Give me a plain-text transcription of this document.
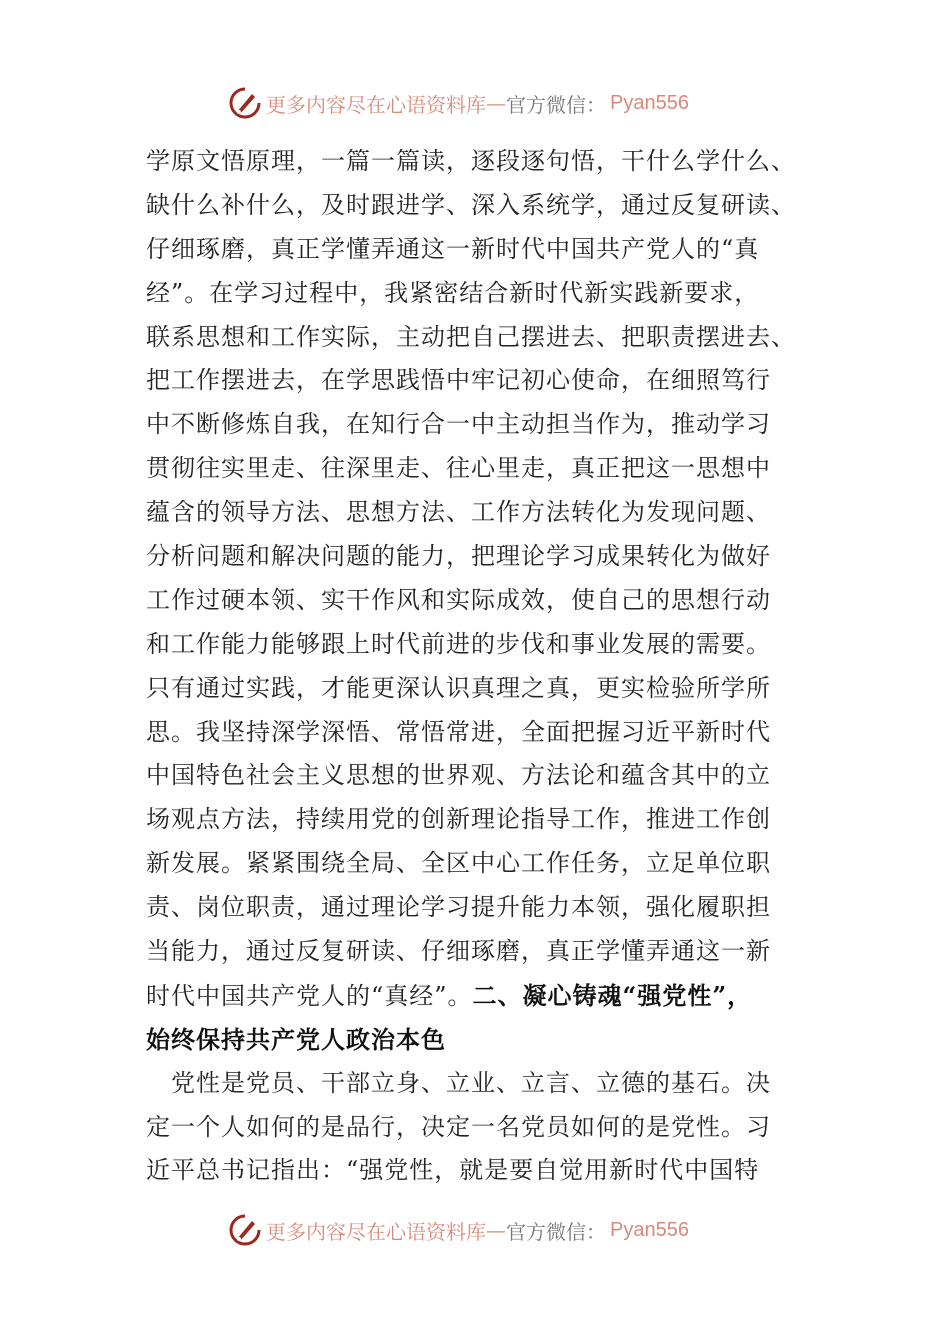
更多内容尽在心语资料库 — 官方微信： Pyan556
学原文悟原理，一篇一篇读，逐段逐句悟，干什么学什么、
缺什么补什么，及时跟进学、深入系统学，通过反复研读、
仔细琢磨，真正学懂弄通这一新时代中国共产党人的“真
经”。在学习过程中，我紧密结合新时代新实践新要求，
联系思想和工作实际，主动把自己摆进去、把职责摆进去、
把工作摆进去，在学思践悟中牢记初心使命，在细照笃行
中不断修炼自我，在知行合一中主动担当作为，推动学习
贯彻往实里走、往深里走、往心里走，真正把这一思想中
蕴含的领导方法、思想方法、工作方法转化为发现问题、
分析问题和解决问题的能力，把理论学习成果转化为做好
工作过硬本领、实干作风和实际成效，使自己的思想行动
和工作能力能够跟上时代前进的步伐和事业发展的需要。
只有通过实践，才能更深认识真理之真，更实检验所学所
思。我坚持深学深悟、常悟常进，全面把握习近平新时代
中国特色社会主义思想的世界观、方法论和蕴含其中的立
场观点方法，持续用党的创新理论指导工作，推进工作创
新发展。紧紧围绕全局、全区中心工作任务，立足单位职
责、岗位职责，通过理论学习提升能力本领，强化履职担
当能力，通过反复研读、仔细琢磨，真正学懂弄通这一新
时代中国共产党人的“真经”。二、凝心铸魂“强党性”，
始终保持共产党人政治本色
　党性是党员、干部立身、立业、立言、立德的基石。决
定一个人如何的是品行，决定一名党员如何的是党性。习
近平总书记指出：“强党性，就是要自觉用新时代中国特
更多内容尽在心语资料库 — 官方微信： Pyan556
